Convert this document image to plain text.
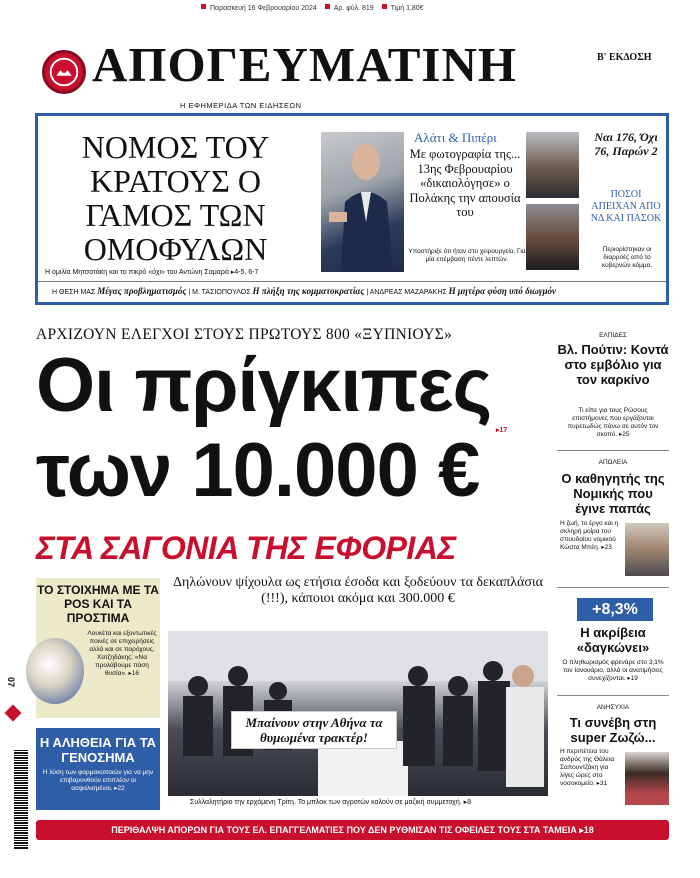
Παρασκευή 16 Φεβρουαρίου 2024 Αρ. φύλ. 819 Τιμή 1,80€
ΑΠΟΓΕΥΜΑΤΙΝΗ	Β' ΕΚΔΟΣΗ
Η ΕΦΗΜΕΡΙΔΑ ΤΩΝ ΕΙΔΗΣΕΩΝ
ΝΟΜΟΣ ΤΟΥ ΚΡΑΤΟΥΣ Ο ΓΑΜΟΣ ΤΩΝ ΟΜΟΦΥΛΩΝ
Η ομιλία Μητσοτάκη και το πικρό «όχι» του Αντώνη Σαμαρά ▸4-5, 6-7
Αλάτι & Πιπέρι
Με φωτογραφία της... 13ης Φεβρουαρίου «δικαιολόγησε» ο Πολάκης την απουσία του
Υποστήριξε ότι ήταν στο χειρουργείο. Για μία επέμβαση πέντε λεπτών.
Ναι 176, Όχι 76, Παρών 2
ΠΟΣΟΙ ΑΠΕΙΧΑΝ ΑΠΟ ΝΔ ΚΑΙ ΠΑΣΟΚ
Περιορίστηκαν οι διαρροές από το κυβερνών κόμμα.
Η ΘΕΣΗ ΜΑΣ Μέγας προβληματισμός | Μ. ΤΑΣΙΟΠΟΥΛΟΣ Η πλήξη της κομματοκρατίας | ΑΝΔΡΕΑΣ ΜΑΖΑΡΑΚΗΣ Η μητέρα φύση υπό διωγμόν
ΑΡΧΙΖΟΥΝ ΕΛΕΓΧΟΙ ΣΤΟΥΣ ΠΡΩΤΟΥΣ 800 «ΞΥΠΝΙΟΥΣ»
Οι πρίγκιπες
▸17
των 10.000 €
ΣΤΑ ΣΑΓΟΝΙΑ ΤΗΣ ΕΦΟΡΙΑΣ
Δηλώνουν ψίχουλα ως ετήσια έσοδα και ξοδεύουν τα δεκαπλάσια (!!!), κάποιοι ακόμα και 300.000 €
ΤΟ ΣΤΟΙΧΗΜΑ ΜΕ ΤΑ POS ΚΑΙ ΤΑ ΠΡΟΣΤΙΜΑ
Λουκέτα και εξοντωτικές ποινές σε επιχειρήσεις αλλά και σε παρόχους. Χατζηδάκης: «Να προλάβουμε πάση θυσία». ▸16
Η ΑΛΗΘΕΙΑ ΓΙΑ ΤΑ ΓΕΝΟΣΗΜΑ
Η λύση των φαρμακοποιών για να μην επιβαρυνθούν επιπλέον οι ασφαλισμένοι. ▸22
Μπαίνουν στην Αθήνα τα θυμωμένα τρακτέρ!
Συλλαλητήριο την ερχόμενη Τρίτη. Το μπλοκ των αγροτών καλούν σε μαζική συμμετοχή. ▸8
ΕΛΠΙΔΕΣ
Βλ. Πούτιν: Κοντά στο εμβόλιο για τον καρκίνο
Τι είπε για τους Ρώσους επιστήμονες που εργάζονται πυρετωδώς πάνω σε αυτόν τον σκοπό. ▸25
ΑΠΩΛΕΙΑ
Ο καθηγητής της Νομικής που έγινε παπάς
Η ζωή, το έργο και η σκληρή μοίρα του σπουδαίου νομικού Κώστα Μπέη. ▸23
+8,3%
Η ακρίβεια «δαγκώνει»
Ο πληθωρισμός φρενάρε στο 3,1% τον Ιανουάριο, αλλά οι ανατιμήσεις συνεχίζονται. ▸19
ΑΝΗΣΥΧΙΑ
Τι συνέβη στη super Ζωζώ...
Η περιπέτεια του ανδρός της Θάλεια Σαπουντζάκη για λίγες ώρες στο νοσοκομείο. ▸31
ΠΕΡΙΘΑΛΨΗ ΑΠΟΡΩΝ ΓΙΑ ΤΟΥΣ ΕΛ. ΕΠΑΓΓΕΛΜΑΤΙΕΣ ΠΟΥ ΔΕΝ ΡΥΘΜΙΣΑΝ ΤΙΣ ΟΦΕΙΛΕΣ ΤΟΥΣ ΣΤΑ ΤΑΜΕΙΑ ▸18
07
